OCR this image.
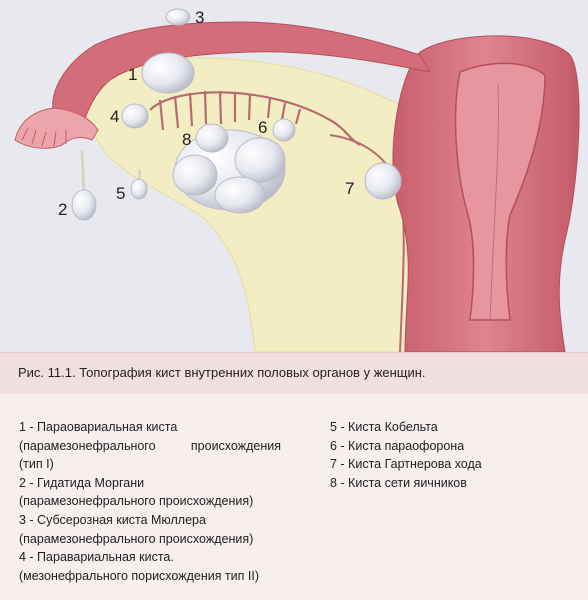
1
2
3
4
5
6
7
8
Рис. 11.1. Топография кист внутренних половых органов у женщин.
1 - Параовариальная киста
(парамезонефрального	происхождения
(тип I)
2 - Гидатида Моргани
(парамезонефрального происхождения)
3 - Субсерозная киста Мюллера
(парамезонефрального происхождения)
4 - Паравариальная киста.
(мезонефрального порисхождения тип II)
5 - Киста Кобельта
6 - Киста параофорона
7 - Киста Гартнерова хода
8 - Киста сети яичников
